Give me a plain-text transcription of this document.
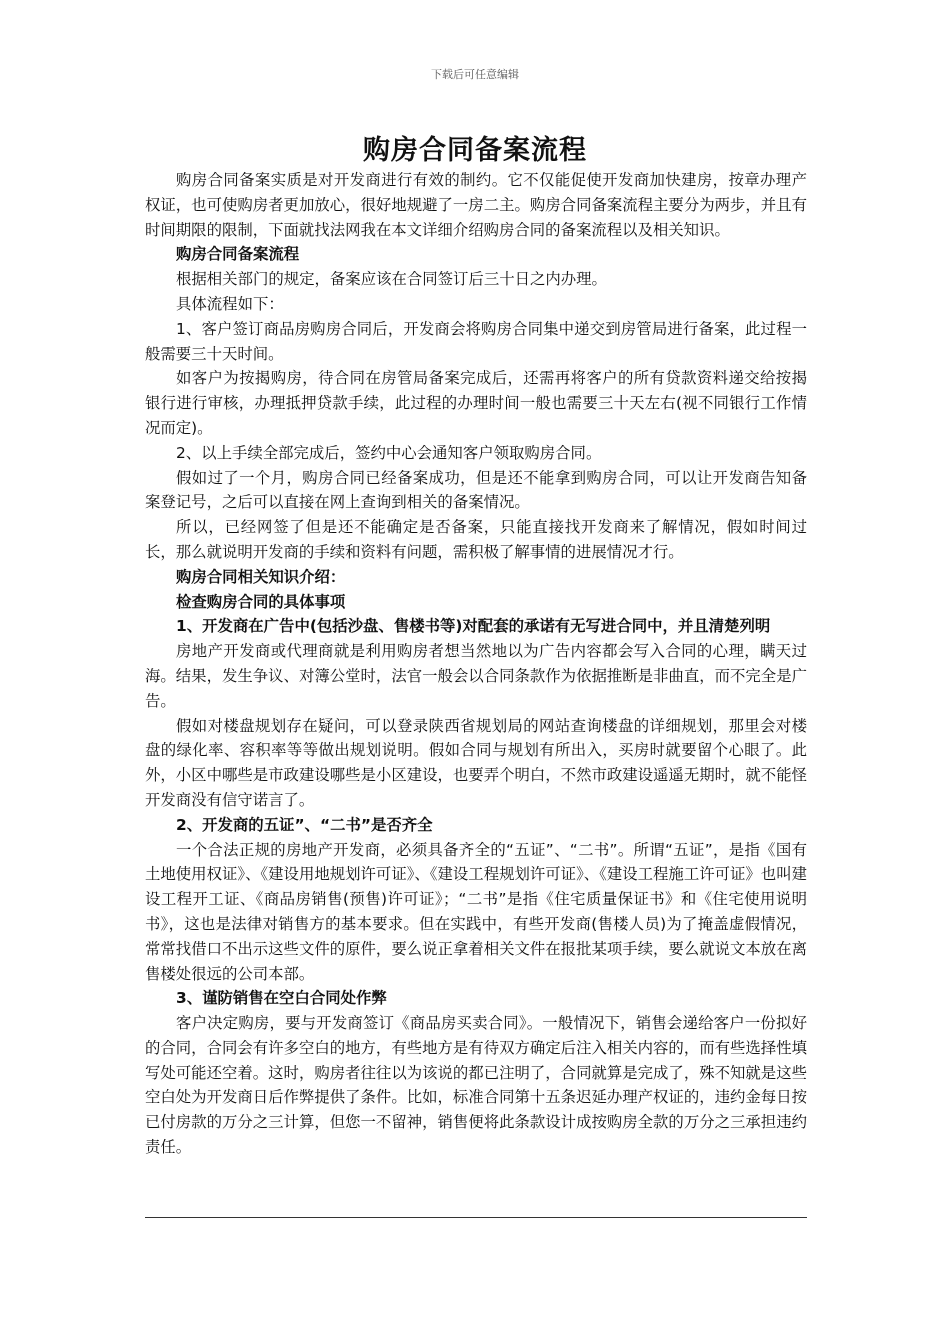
下载后可任意编辑
购房合同备案流程

购房合同备案实质是对开发商进行有效的制约。它不仅能促使开发商加快建房，按章办理产权证，也可使购房者更加放心，很好地规避了一房二主。购房合同备案流程主要分为两步，并且有时间期限的限制，下面就找法网我在本文详细介绍购房合同的备案流程以及相关知识。

购房合同备案流程

根据相关部门的规定，备案应该在合同签订后三十日之内办理。

具体流程如下：

1、客户签订商品房购房合同后，开发商会将购房合同集中递交到房管局进行备案，此过程一般需要三十天时间。

如客户为按揭购房，待合同在房管局备案完成后，还需再将客户的所有贷款资料递交给按揭银行进行审核，办理抵押贷款手续，此过程的办理时间一般也需要三十天左右(视不同银行工作情况而定)。

2、以上手续全部完成后，签约中心会通知客户领取购房合同。

假如过了一个月，购房合同已经备案成功，但是还不能拿到购房合同，可以让开发商告知备案登记号，之后可以直接在网上查询到相关的备案情况。

所以，已经网签了但是还不能确定是否备案，只能直接找开发商来了解情况，假如时间过长，那么就说明开发商的手续和资料有问题，需积极了解事情的进展情况才行。

购房合同相关知识介绍：

检查购房合同的具体事项

1、开发商在广告中(包括沙盘、售楼书等)对配套的承诺有无写进合同中，并且清楚列明

房地产开发商或代理商就是利用购房者想当然地以为广告内容都会写入合同的心理，瞒天过海。结果，发生争议、对簿公堂时，法官一般会以合同条款作为依据推断是非曲直，而不完全是广告。

假如对楼盘规划存在疑问，可以登录陕西省规划局的网站查询楼盘的详细规划，那里会对楼盘的绿化率、容积率等等做出规划说明。假如合同与规划有所出入，买房时就要留个心眼了。此外，小区中哪些是市政建设哪些是小区建设，也要弄个明白，不然市政建设遥遥无期时，就不能怪开发商没有信守诺言了。

2、开发商的五证”、“二书”是否齐全

一个合法正规的房地产开发商，必须具备齐全的“五证”、“二书”。所谓“五证”，是指《国有土地使用权证》、《建设用地规划许可证》、《建设工程规划许可证》、《建设工程施工许可证》也叫建设工程开工证、《商品房销售(预售)许可证》；“二书”是指《住宅质量保证书》和《住宅使用说明书》，这也是法律对销售方的基本要求。但在实践中，有些开发商(售楼人员)为了掩盖虚假情况，常常找借口不出示这些文件的原件，要么说正拿着相关文件在报批某项手续，要么就说文本放在离售楼处很远的公司本部。

3、谨防销售在空白合同处作弊

客户决定购房，要与开发商签订《商品房买卖合同》。一般情况下，销售会递给客户一份拟好的合同，合同会有许多空白的地方，有些地方是有待双方确定后注入相关内容的，而有些选择性填写处可能还空着。这时，购房者往往以为该说的都已注明了，合同就算是完成了，殊不知就是这些空白处为开发商日后作弊提供了条件。比如，标准合同第十五条迟延办理产权证的，违约金每日按已付房款的万分之三计算，但您一不留神，销售便将此条款设计成按购房全款的万分之三承担违约责任。
